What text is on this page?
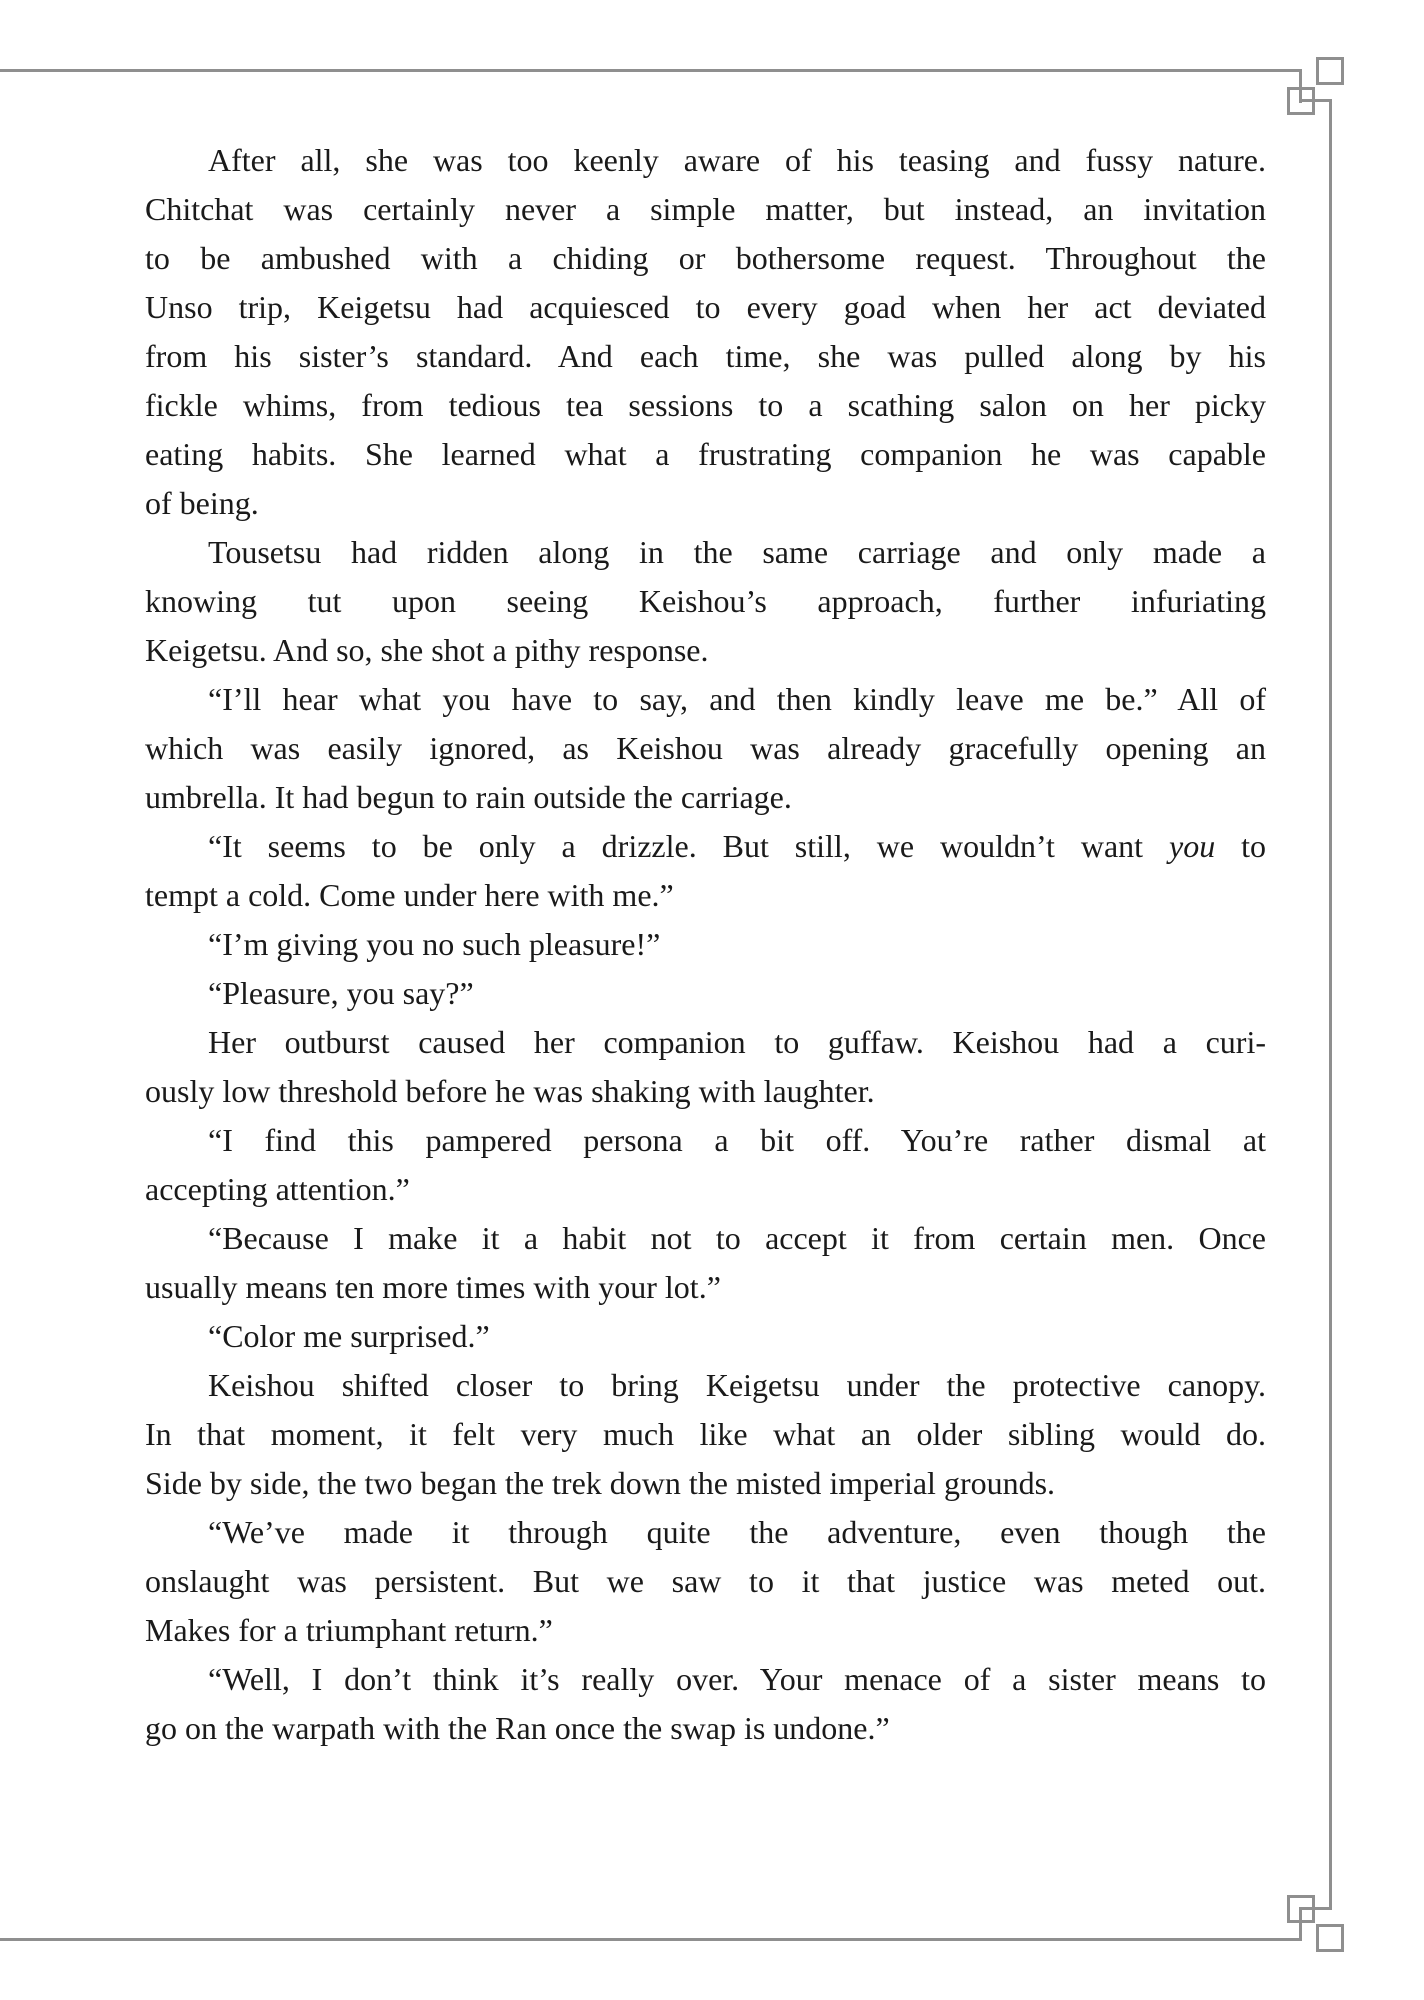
After all, she was too keenly aware of his teasing and fussy nature.
Chitchat was certainly never a simple matter, but instead, an invitation
to be ambushed with a chiding or bothersome request. Throughout the
Unso trip, Keigetsu had acquiesced to every goad when her act deviated
from his sister’s standard. And each time, she was pulled along by his
fickle whims, from tedious tea sessions to a scathing salon on her picky
eating habits. She learned what a frustrating companion he was capable
of being.
Tousetsu had ridden along in the same carriage and only made a
knowing tut upon seeing Keishou’s approach, further infuriating
Keigetsu. And so, she shot a pithy response.
“I’ll hear what you have to say, and then kindly leave me be.” All of
which was easily ignored, as Keishou was already gracefully opening an
umbrella. It had begun to rain outside the carriage.
“It seems to be only a drizzle. But still, we wouldn’t want you to
tempt a cold. Come under here with me.”
“I’m giving you no such pleasure!”
“Pleasure, you say?”
Her outburst caused her companion to guffaw. Keishou had a curi-
ously low threshold before he was shaking with laughter.
“I find this pampered persona a bit off. You’re rather dismal at
accepting attention.”
“Because I make it a habit not to accept it from certain men. Once
usually means ten more times with your lot.”
“Color me surprised.”
Keishou shifted closer to bring Keigetsu under the protective canopy.
In that moment, it felt very much like what an older sibling would do.
Side by side, the two began the trek down the misted imperial grounds.
“We’ve made it through quite the adventure, even though the
onslaught was persistent. But we saw to it that justice was meted out.
Makes for a triumphant return.”
“Well, I don’t think it’s really over. Your menace of a sister means to
go on the warpath with the Ran once the swap is undone.”
